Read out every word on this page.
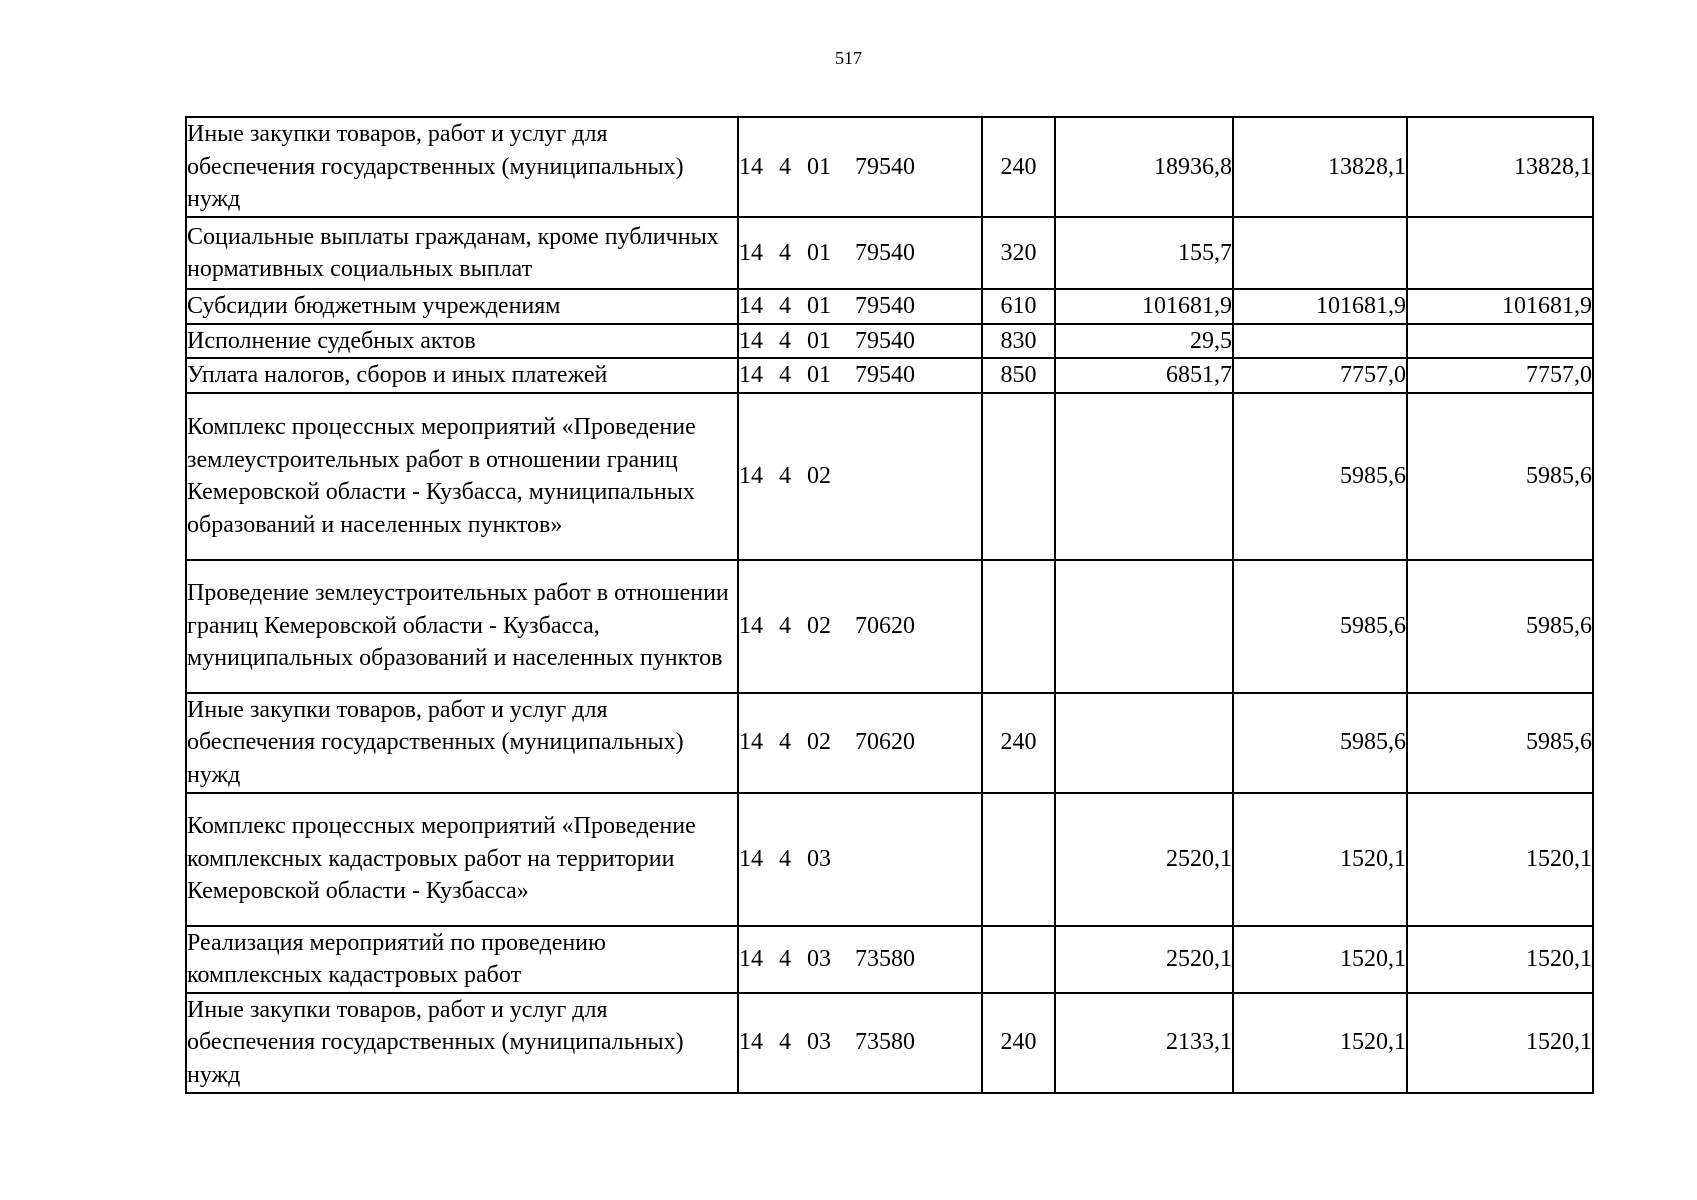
517
Иные закупки товаров, работ и услуг для обеспечения государственных (муниципальных) нужд	14 4 01 79540	240	18936,8	13828,1	13828,1
Социальные выплаты гражданам, кроме публичных нормативных социальных выплат	14 4 01 79540	320	155,7		
Субсидии бюджетным учреждениям	14 4 01 79540	610	101681,9	101681,9	101681,9
Исполнение судебных актов	14 4 01 79540	830	29,5		
Уплата налогов, сборов и иных платежей	14 4 01 79540	850	6851,7	7757,0	7757,0
Комплекс процессных мероприятий «Проведение землеустроительных работ в отношении границ Кемеровской области - Кузбасса, муниципальных образований и населенных пунктов»	14 4 02			5985,6	5985,6
Проведение землеустроительных работ в отношении границ Кемеровской области - Кузбасса, муниципальных образований и населенных пунктов	14 4 02 70620			5985,6	5985,6
Иные закупки товаров, работ и услуг для обеспечения государственных (муниципальных) нужд	14 4 02 70620	240		5985,6	5985,6
Комплекс процессных мероприятий «Проведение комплексных кадастровых работ на территории Кемеровской области - Кузбасса»	14 4 03		2520,1	1520,1	1520,1
Реализация мероприятий по проведению комплексных кадастровых работ	14 4 03 73580		2520,1	1520,1	1520,1
Иные закупки товаров, работ и услуг для обеспечения государственных (муниципальных) нужд	14 4 03 73580	240	2133,1	1520,1	1520,1
